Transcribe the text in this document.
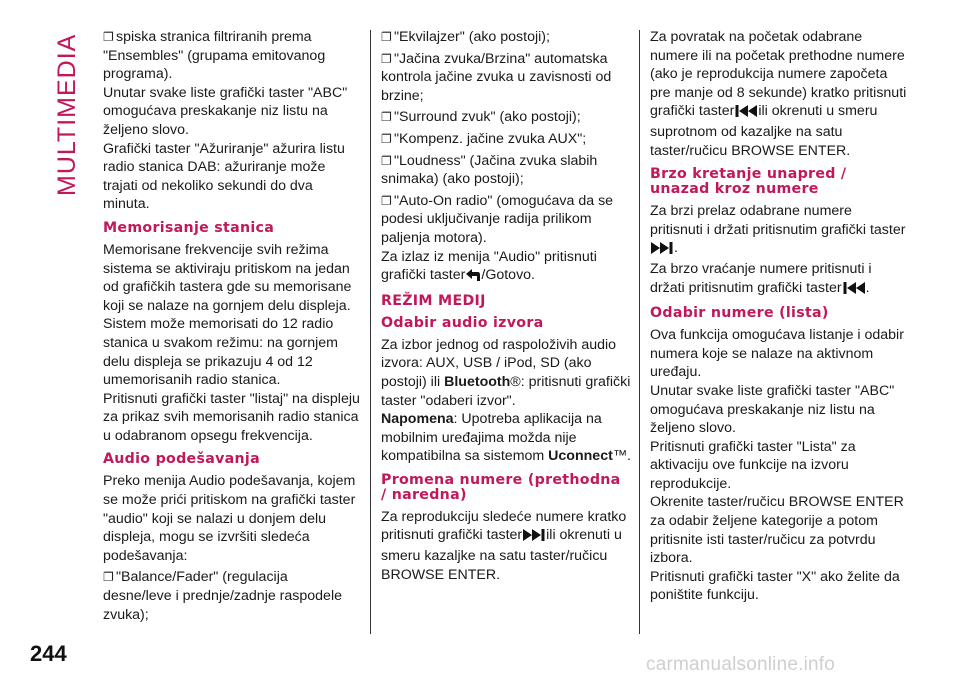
MULTIMEDIA ❐ spiska stranica filtriranih prema "Ensembles" (grupama emitovanog programa).

Unutar svake liste grafički taster "ABC" omogućava preskakanje niz listu na željeno slovo.

Grafički taster "Ažuriranje" ažurira listu radio stanica DAB: ažuriranje može trajati od nekoliko sekundi do dva minuta.

Memorisanje stanica

Memorisane frekvencije svih režima sistema se aktiviraju pritiskom na jedan od grafičkih tastera gde su memorisane koji se nalaze na gornjem delu displeja.

Sistem može memorisati do 12 radio stanica u svakom režimu: na gornjem delu displeja se prikazuju 4 od 12 umemorisanih radio stanica.

Pritisnuti grafički taster "listaj" na displeju za prikaz svih memorisanih radio stanica u odabranom opsegu frekvencija.

Audio podešavanja

Preko menija Audio podešavanja, kojem se može prići pritiskom na grafički taster "audio" koji se nalazi u donjem delu displeja, mogu se izvršiti sledeća podešavanja:

❐ "Balance/Fader" (regulacija desne/leve i prednje/zadnje raspodele zvuka);

❐ "Ekvilajzer" (ako postoji);

❐ "Jačina zvuka/Brzina" automatska kontrola jačine zvuka u zavisnosti od brzine;

❐ "Surround zvuk" (ako postoji);

❐ "Kompenz. jačine zvuka AUX";

❐ "Loudness" (Jačina zvuka slabih snimaka) (ako postoji);

❐ "Auto-On radio" (omogućava da se podesi uključivanje radija prilikom paljenja motora).

Za izlaz iz menija "Audio" pritisnuti grafički taster /Gotovo.

REŽIM MEDIJ
Odabir audio izvora

Za izbor jednog od raspoloživih audio izvora: AUX, USB / iPod, SD (ako postoji) ili Bluetooth®: pritisnuti grafički taster "odaberi izvor".

Napomena: Upotreba aplikacija na mobilnim uređajima možda nije kompatibilna sa sistemom Uconnect™.

Promena numere (prethodna / naredna)

Za reprodukciju sledeće numere kratko pritisnuti grafički taster ili okrenuti u smeru kazaljke na satu taster/ručicu BROWSE ENTER.

Za povratak na početak odabrane numere ili na početak prethodne numere (ako je reprodukcija numere započeta pre manje od 8 sekunde) kratko pritisnuti grafički taster ili okrenuti u smeru suprotnom od kazaljke na satu taster/ručicu BROWSE ENTER.

Brzo kretanje unapred / unazad kroz numere

Za brzi prelaz odabrane numere pritisnuti i držati pritisnutim grafički taster.

Za brzo vraćanje numere pritisnuti i držati pritisnutim grafički taster .

Odabir numere (lista)

Ova funkcija omogućava listanje i odabir numera koje se nalaze na aktivnom uređaju.

Unutar svake liste grafički taster "ABC" omogućava preskakanje niz listu na željeno slovo.

Pritisnuti grafički taster "Lista" za aktivaciju ove funkcije na izvoru reprodukcije.

Okrenite taster/ručicu BROWSE ENTER za odabir željene kategorije a potom pritisnite isti taster/ručicu za potvrdu izbora.

Pritisnuti grafički taster "X" ako želite da poništite funkciju.

244	carmanualsonline.info
